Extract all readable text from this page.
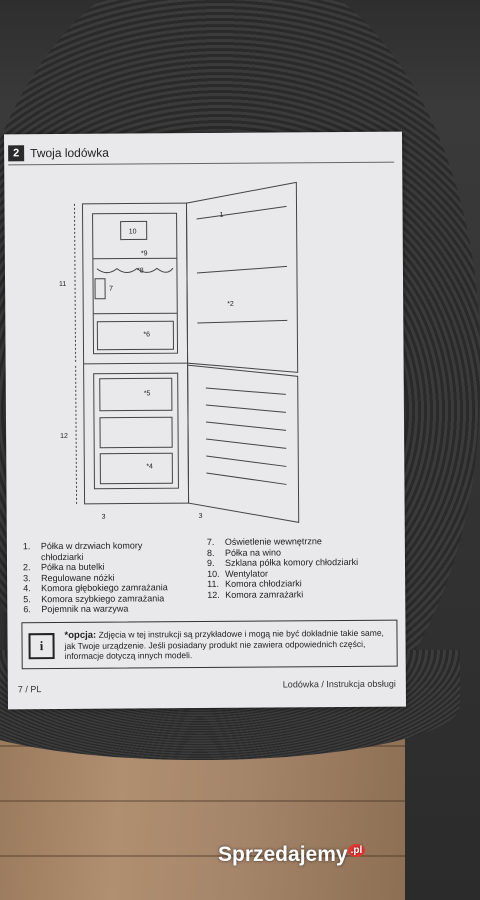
2 Twoja lodówka
1
*2
3	3
*4
*5
*6
7
*8
*9
10
11
12
1. Półka w drzwiach komory
chłodziarki
2. Półka na butelki
3. Regulowane nóżki
4. Komora głębokiego zamrażania
5. Komora szybkiego zamrażania
6. Pojemnik na warzywa
7. Oświetlenie wewnętrzne
8. Półka na wino
9. Szklana półka komory chłodziarki
10. Wentylator
11. Komora chłodziarki
12. Komora zamrażarki
i
*opcja: Zdjęcia w tej instrukcji są przykładowe i mogą nie być dokładnie takie same, jak Twoje urządzenie. Jeśli posiadany produkt nie zawiera odpowiednich części, informacje dotyczą innych modeli.
7 / PL	Lodówka / Instrukcja obsługi
Sprzedajemy $^{.pl}$
